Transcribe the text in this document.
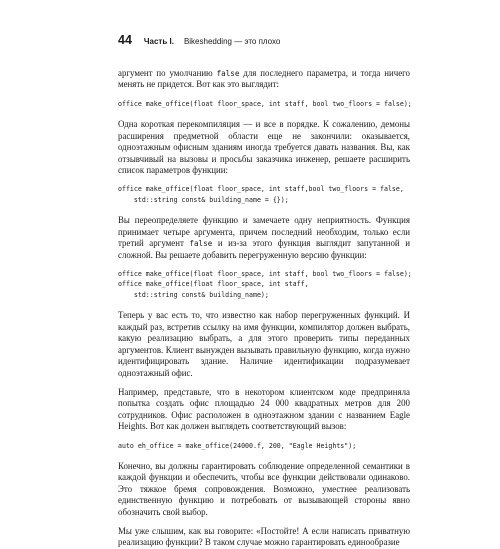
44 Часть I. Bikeshedding — это плохо

аргумент по умолчанию false для последнего параметра, и тогда ничего менять не придется. Вот как это выглядит:

office make_office(float floor_space, int staff, bool two_floors = false);

Одна короткая перекомпиляция — и все в порядке. К сожалению, демоны расширения предметной области еще не закончили: оказывается, одноэтажным офисным зданиям иногда требуется давать названия. Вы, как отзывчивый на вызовы и просьбы заказчика инженер, решаете расширить список параметров функции:

office make_office(float floor_space, int staff,bool two_floors = false,
std::string const& building_name = {});

Вы переопределяете функцию и замечаете одну неприятность. Функция принимает четыре аргумента, причем последний необходим, только если третий аргумент false и из-за этого функция выглядит запутанной и сложной. Вы решаете добавить перегруженную версию функции:

office make_office(float floor_space, int staff, bool two_floors = false);
office make_office(float floor_space, int staff,
std::string const& building_name);

Теперь у вас есть то, что известно как набор перегруженных функций. И каждый раз, встретив ссылку на имя функции, компилятор должен выбрать, какую реализацию выбрать, а для этого проверить типы переданных аргументов. Клиент вынужден вызывать правильную функцию, когда нужно идентифицировать здание. Наличие идентификации подразумевает одноэтажный офис.

Например, представьте, что в некотором клиентском коде предприняла попытка создать офис площадью 24 000 квадратных метров для 200 сотрудников. Офис расположен в одноэтажном здании с названием Eagle Heights. Вот как должен выглядеть соответствующий вызов:

auto eh_office = make_office(24000.f, 200, "Eagle Heights");

Конечно, вы должны гарантировать соблюдение определенной семантики в каждой функции и обеспечить, чтобы все функции действовали одинаково. Это тяжкое бремя сопровождения. Возможно, уместнее реализовать единственную функцию и потребовать от вызывающей стороны явно обозначить свой выбор.

Мы уже слышим, как вы говорите: «Постойте! А если написать приватную реализацию функции? В таком случае можно гарантировать единообразие
